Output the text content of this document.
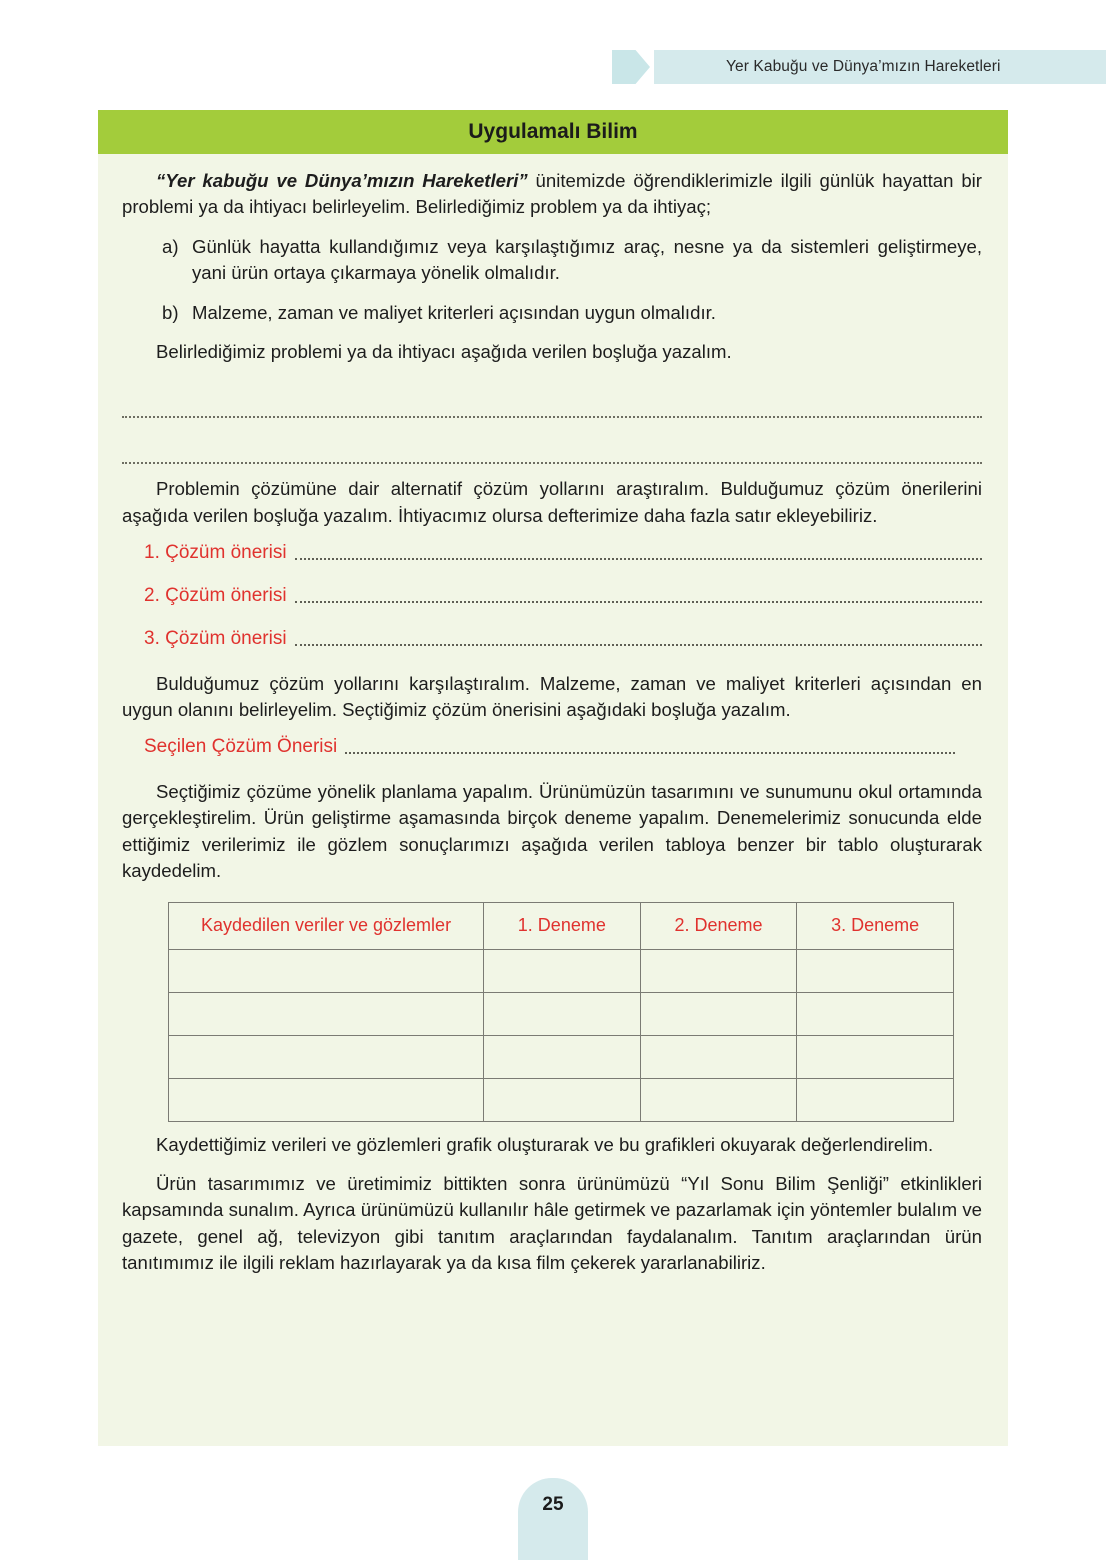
Yer Kabuğu ve Dünya’mızın Hareketleri
Uygulamalı Bilim

“Yer kabuğu ve Dünya’mızın Hareketleri” ünitemizde öğrendiklerimizle ilgili günlük hayattan bir problemi ya da ihtiyacı belirleyelim. Belirlediğimiz problem ya da ihtiyaç;

a) Günlük hayatta kullandığımız veya karşılaştığımız araç, nesne ya da sistemleri geliştirmeye, yani ürün ortaya çıkarmaya yönelik olmalıdır.
b) Malzeme, zaman ve maliyet kriterleri açısından uygun olmalıdır.

Belirlediğimiz problemi ya da ihtiyacı aşağıda verilen boşluğa yazalım.

Problemin çözümüne dair alternatif çözüm yollarını araştıralım. Bulduğumuz çözüm önerilerini aşağıda verilen boşluğa yazalım. İhtiyacımız olursa defterimize daha fazla satır ekleyebiliriz.

1. Çözüm önerisi
2. Çözüm önerisi
3. Çözüm önerisi

Bulduğumuz çözüm yollarını karşılaştıralım. Malzeme, zaman ve maliyet kriterleri açısından en uygun olanını belirleyelim. Seçtiğimiz çözüm önerisini aşağıdaki boşluğa yazalım.

Seçilen Çözüm Önerisi

Seçtiğimiz çözüme yönelik planlama yapalım. Ürünümüzün tasarımını ve sunumunu okul ortamında gerçekleştirelim. Ürün geliştirme aşamasında birçok deneme yapalım. Denemelerimiz sonucunda elde ettiğimiz verilerimiz ile gözlem sonuçlarımızı aşağıda verilen tabloya benzer bir tablo oluşturarak kaydedelim.

Kaydedilen veriler ve gözlemler	1. Deneme	2. Deneme	3. Deneme

Kaydettiğimiz verileri ve gözlemleri grafik oluşturarak ve bu grafikleri okuyarak değerlendirelim.

Ürün tasarımımız ve üretimimiz bittikten sonra ürünümüzü “Yıl Sonu Bilim Şenliği” etkinlikleri kapsamında sunalım. Ayrıca ürünümüzü kullanılır hâle getirmek ve pazarlamak için yöntemler bulalım ve gazete, genel ağ, televizyon gibi tanıtım araçlarından faydalanalım. Tanıtım araçlarından ürün tanıtımımız ile ilgili reklam hazırlayarak ya da kısa film çekerek yararlanabiliriz.

25
